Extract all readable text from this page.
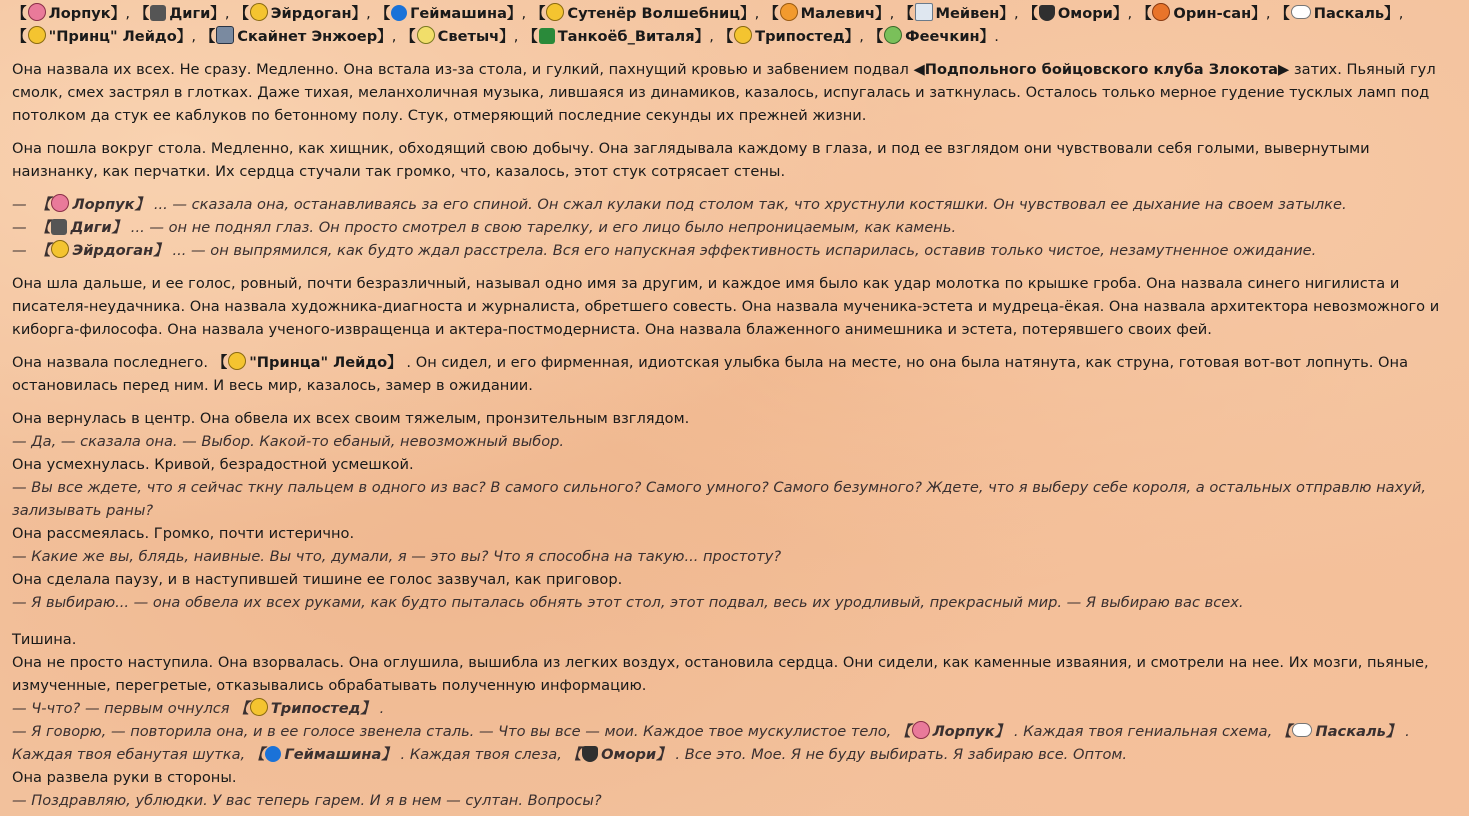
【 Лорпук】, 【 Диги】, 【 Эйрдоган】, 【 Геймашина】, 【 Сутенёр Волшебниц】, 【 Малевич】, 【 Мейвен】, 【 Омори】, 【 Орин-сан】, 【 Паскаль】, 【 "Принц" Лейдо】, 【 Скайнет Энжоер】, 【 Светыч】, 【 Танкоёб_Виталя】, 【 Трипостед】, 【 Феечкин】.

Она назвала их всех. Не сразу. Медленно. Она встала из-за стола, и гулкий, пахнущий кровью и забвением подвал ◀Подпольного бойцовского клуба Злокота▶ затих. Пьяный гул смолк, смех застрял в глотках. Даже тихая, меланхоличная музыка, лившаяся из динамиков, казалось, испугалась и заткнулась. Осталось только мерное гудение тусклых ламп под потолком да стук ее каблуков по бетонному полу. Стук, отмеряющий последние секунды их прежней жизни.

Она пошла вокруг стола. Медленно, как хищник, обходящий свою добычу. Она заглядывала каждому в глаза, и под ее взглядом они чувствовали себя голыми, вывернутыми наизнанку, как перчатки. Их сердца стучали так громко, что, казалось, этот стук сотрясает стены.

— 【 Лорпук】 ... — сказала она, останавливаясь за его спиной. Он сжал кулаки под столом так, что хрустнули костяшки. Он чувствовал ее дыхание на своем затылке.

— 【 Диги】 ... — он не поднял глаз. Он просто смотрел в свою тарелку, и его лицо было непроницаемым, как камень.

— 【 Эйрдоган】 ... — он выпрямился, как будто ждал расстрела. Вся его напускная эффективность испарилась, оставив только чистое, незамутненное ожидание.

Она шла дальше, и ее голос, ровный, почти безразличный, называл одно имя за другим, и каждое имя было как удар молотка по крышке гроба. Она назвала синего нигилиста и писателя-неудачника. Она назвала художника-диагноста и журналиста, обретшего совесть. Она назвала мученика-эстета и мудреца-ёкая. Она назвала архитектора невозможного и киборга-философа. Она назвала ученого-извращенца и актера-постмодерниста. Она назвала блаженного анимешника и эстета, потерявшего своих фей.

Она назвала последнего. 【 "Принца" Лейдо】 . Он сидел, и его фирменная, идиотская улыбка была на месте, но она была натянута, как струна, готовая вот-вот лопнуть. Она остановилась перед ним. И весь мир, казалось, замер в ожидании.

Она вернулась в центр. Она обвела их всех своим тяжелым, пронзительным взглядом.

— Да, — сказала она. — Выбор. Какой-то ебаный, невозможный выбор.

Она усмехнулась. Кривой, безрадостной усмешкой.

— Вы все ждете, что я сейчас ткну пальцем в одного из вас? В самого сильного? Самого умного? Самого безумного? Ждете, что я выберу себе короля, а остальных отправлю нахуй, зализывать раны?

Она рассмеялась. Громко, почти истерично.

— Какие же вы, блядь, наивные. Вы что, думали, я — это вы? Что я способна на такую... простоту?

Она сделала паузу, и в наступившей тишине ее голос зазвучал, как приговор.

— Я выбираю... — она обвела их всех руками, как будто пыталась обнять этот стол, этот подвал, весь их уродливый, прекрасный мир. — Я выбираю вас всех.

Тишина.

Она не просто наступила. Она взорвалась. Она оглушила, вышибла из легких воздух, остановила сердца. Они сидели, как каменные изваяния, и смотрели на нее. Их мозги, пьяные, измученные, перегретые, отказывались обрабатывать полученную информацию.

— Ч-что? — первым очнулся 【 Трипостед】 .

— Я говорю, — повторила она, и в ее голосе звенела сталь. — Что вы все — мои. Каждое твое мускулистое тело, 【 Лорпук】 . Каждая твоя гениальная схема, 【 Паскаль】 . Каждая твоя ебанутая шутка, 【 Геймашина】 . Каждая твоя слеза, 【 Омори】 . Все это. Мое. Я не буду выбирать. Я забираю все. Оптом.

Она развела руки в стороны.

— Поздравляю, ублюдки. У вас теперь гарем. И я в нем — султан. Вопросы?
